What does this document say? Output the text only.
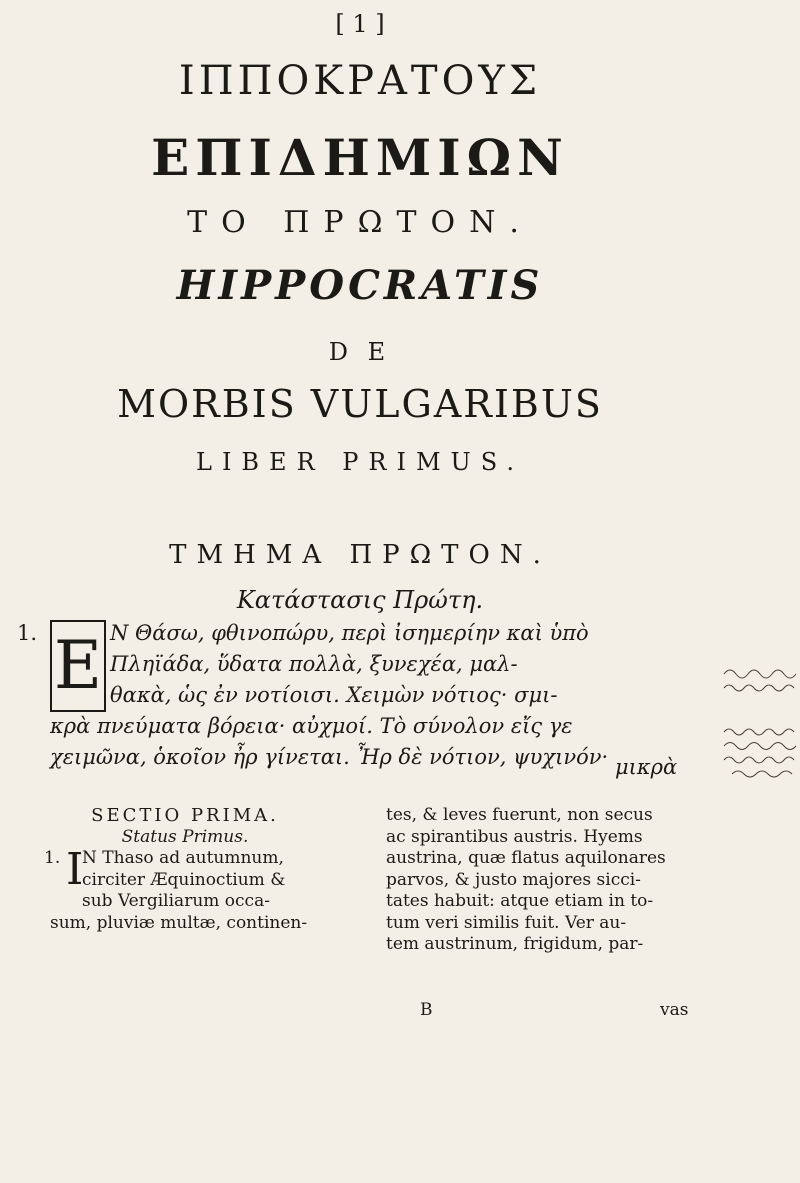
[ 1 ]
ΙΠΠΟΚΡΑΤΟΥΣ
ΕΠΙΔΗΜΙΩΝ
ΤΟ ΠΡΩΤΟΝ.
HIPPOCRATIS
D E
MORBIS VULGARIBUS
LIBER PRIMUS.
ΤΜΗΜΑ ΠΡΩΤΟΝ.
Κατάστασις Πρώτη.
1. E Ν Θάσω, φθινοπώρυ, περὶ ἰσημερίην καὶ ὑπὸ
Πληϊάδα, ὕδατα πολλὰ, ξυνεχέα, μαλ-
θακὰ, ὡς ἐν νοτίοισι. Χειμὼν νότιος· σμι-
κρὰ πνεύματα βόρεια· αὐχμοί. Τὸ σύνολον εἴς γε
χειμῶνα, ὁκοῖον ἦρ γίνεται. Ἦρ δὲ νότιον, ψυχινόν· μικρὰ

SECTIO PRIMA.

Status Primus.

1. I

N Thaso ad autumnum,

circiter Æquinoctium &

sub Vergiliarum occa-

sum, pluviæ multæ, continen-

tes, & leves fuerunt, non secus

ac spirantibus austris. Hyems

austrina, quæ flatus aquilonares

parvos, & justo majores sicci-

tates habuit: atque etiam in to-

tum veri similis fuit. Ver au-

tem austrinum, frigidum, par-

B	vas
